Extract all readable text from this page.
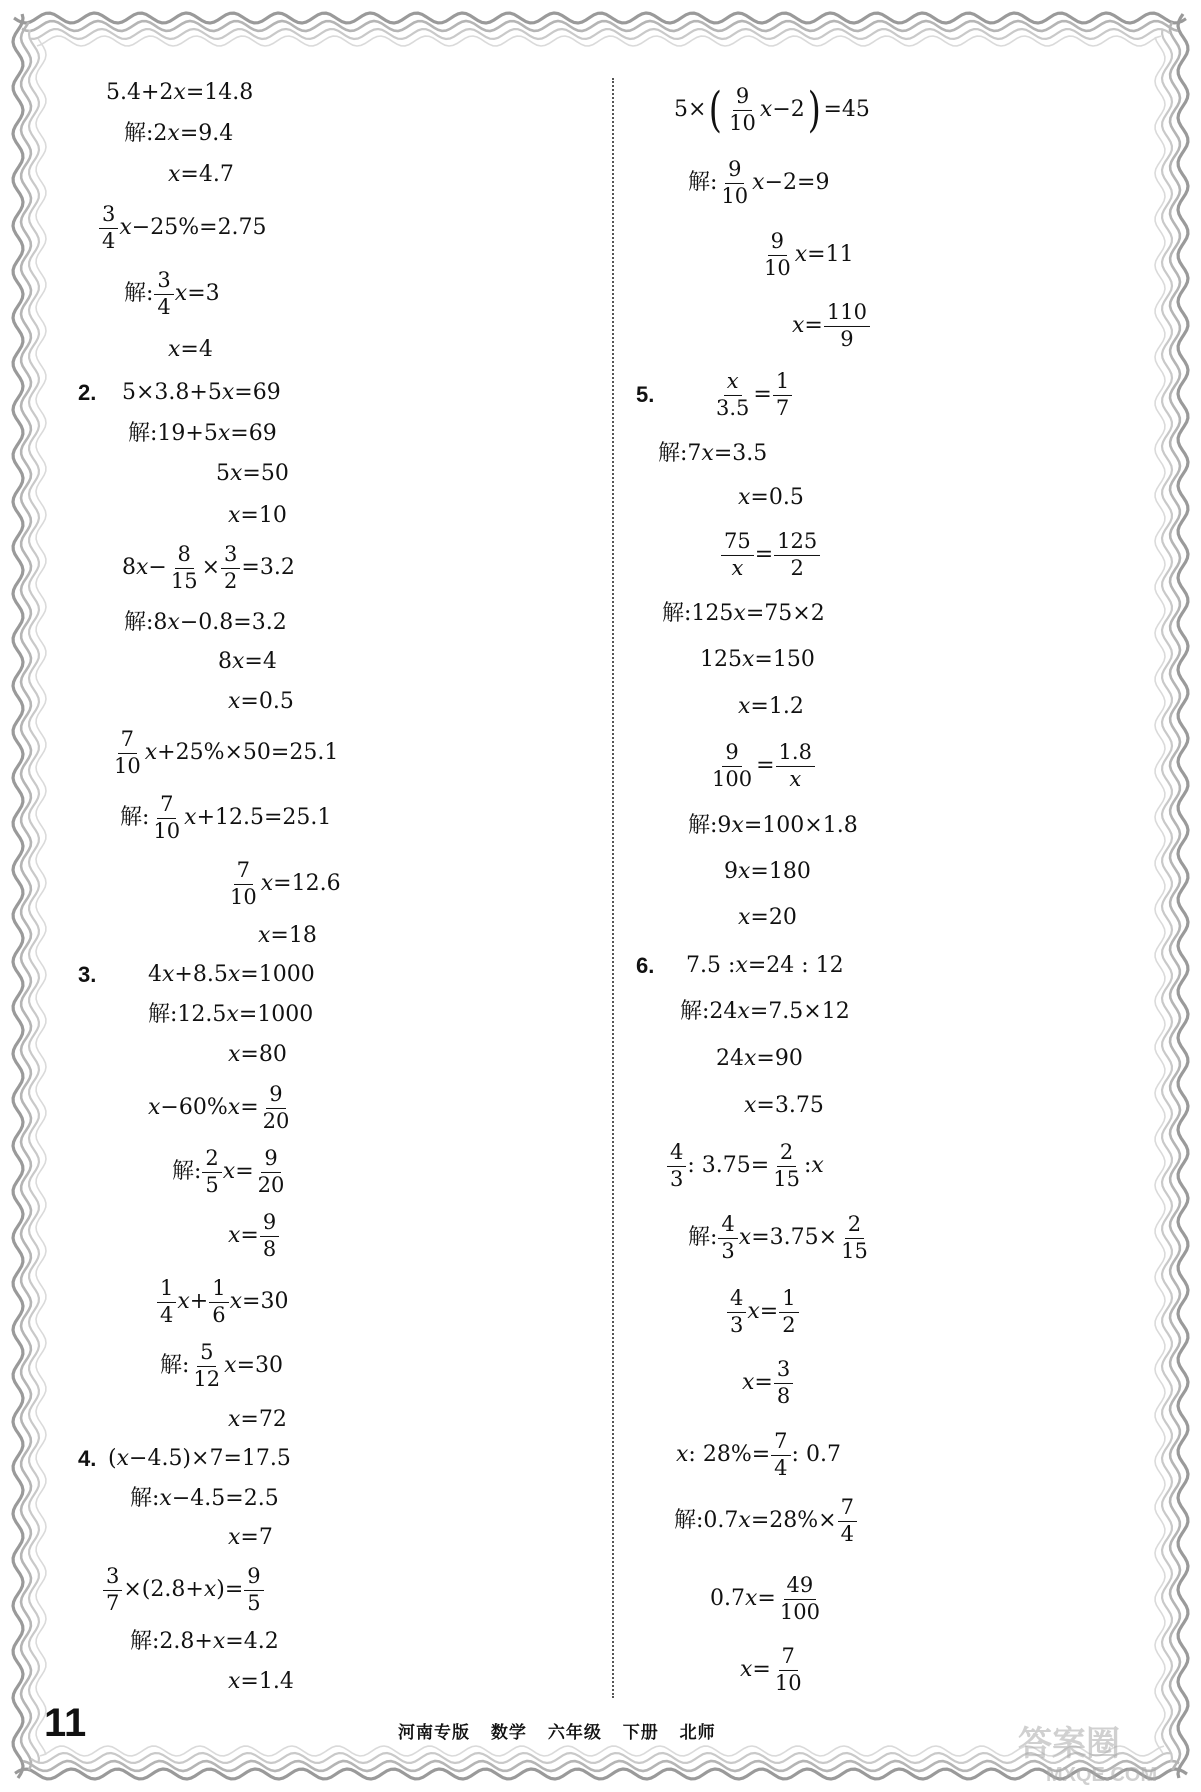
5.4+2 x =14.8
解:2 x =9.4
x =4.7
$\frac{3}{4}$ x −25%=2.75
解: $\frac{3}{4}$ x =3
x =4
2. 5×3.8+5 x =69
解:19+5 x =69
5 x =50
x =10
8 $x - \frac{8}{15} \times \frac{3}{2} =3.2$
解:8 x −0.8=3.2
8 x =4
x =0.5
$\frac{7}{10}$ x +25%×50=25.1
解: $\frac{7}{10}$ x +12.5=25.1
$\frac{7}{10}$ x =12.6
x =18
3. 4 x +8.5 x =1000
解:12.5 x =1000
x =80
x −60% $x = \frac{9}{20}$
解: $\frac{2}{5}$ $x = \frac{9}{20}$
$x = \frac{9}{8}$
$\frac{1}{4}$ $x + \frac{1}{6}$ x =30
解: $\frac{5}{12}$ x =30
x =72
4. ( x −4.5)×7=17.5
解: x −4.5=2.5
x =7
$\frac{3}{7} \times(2.8+ x$ )= $\frac{9}{5}$
解:2.8+ x =4.2
x =1.4
5× ( $\frac{9}{10}$ x −2 ) =45
解: $\frac{9}{10}$ x −2=9
$\frac{9}{10}$ x =11
$x = \frac{110}{9}$
5.	$\frac{x}{3.5} = \frac{1}{7}$
解:7 x =3.5
x =0.5
$\frac{75}{x} = \frac{125}{2}$
解:125 x =75×2
125 x =150
x =1.2
$\frac{9}{100} = \frac{1.8}{x}$
解:9 x =100×1.8
9 x =180
x =20
6. 7.5 : x =24 : 12
解:24 x =7.5×12
24 x =90
x =3.75
$\frac{4}{3}$ : $3.75= \frac{2}{15}$ : x
解: $\frac{4}{3}$ $x =3.75\times \frac{2}{15}$
$\frac{4}{3}$ $x = \frac{1}{2}$
$x = \frac{3}{8}$
x : $28\%= \frac{7}{4}$ : 0.7
解:0.7 $x =28\%\times \frac{7}{4}$
0.7 $x = \frac{49}{100}$
$x = \frac{7}{10}$
11	河南专版 数学 六年级 下册 北师	答案圈
MXQE.COM
